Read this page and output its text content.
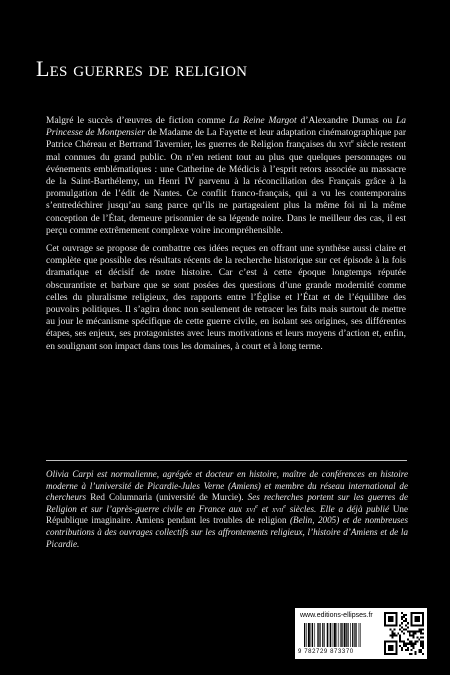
Les guerres de religion

Malgré le succès d’œuvres de fiction comme La Reine Margot d’Alexandre Dumas ou La Princesse de Montpensier de Madame de La Fayette et leur adaptation cinématographique par Patrice Chéreau et Bertrand Tavernier, les guerres de Religion françaises du xvi$^e$ siècle restent mal connues du grand public. On n’en retient tout au plus que quelques personnages ou événements emblématiques : une Catherine de Médicis à l’esprit retors associée au massacre de la Saint-Barthélemy, un Henri IV parvenu à la réconciliation des Français grâce à la promulgation de l’édit de Nantes. Ce conflit franco-français, qui a vu les contemporains s’entredéchirer jusqu’au sang parce qu’ils ne partageaient plus la même foi ni la même conception de l’État, demeure prisonnier de sa légende noire. Dans le meilleur des cas, il est perçu comme extrêmement complexe voire incompréhensible.

Cet ouvrage se propose de combattre ces idées reçues en offrant une synthèse aussi claire et complète que possible des résultats récents de la recherche historique sur cet épisode à la fois dramatique et décisif de notre histoire. Car c’est à cette époque longtemps réputée obscurantiste et barbare que se sont posées des questions d’une grande modernité comme celles du pluralisme religieux, des rapports entre l’Église et l’État et de l’équilibre des pouvoirs politiques. Il s’agira donc non seulement de retracer les faits mais surtout de mettre au jour le mécanisme spécifique de cette guerre civile, en isolant ses origines, ses différentes étapes, ses enjeux, ses protagonistes avec leurs motivations et leurs moyens d’action et, enfin, en soulignant son impact dans tous les domaines, à court et à long terme.

Olivia Carpi est normalienne, agrégée et docteur en histoire, maître de conférences en histoire moderne à l’université de Picardie-Jules Verne (Amiens) et membre du réseau international de chercheurs Red Columnaria (université de Murcie). Ses recherches portent sur les guerres de Religion et sur l’après-guerre civile en France aux xvi$^e$ et xvii$^e$ siècles. Elle a déjà publié Une République imaginaire. Amiens pendant les troubles de religion (Belin, 2005) et de nombreuses contributions à des ouvrages collectifs sur les affrontements religieux, l’histoire d’Amiens et de la Picardie.
www.editions-ellipses.fr
9 782729 873370
